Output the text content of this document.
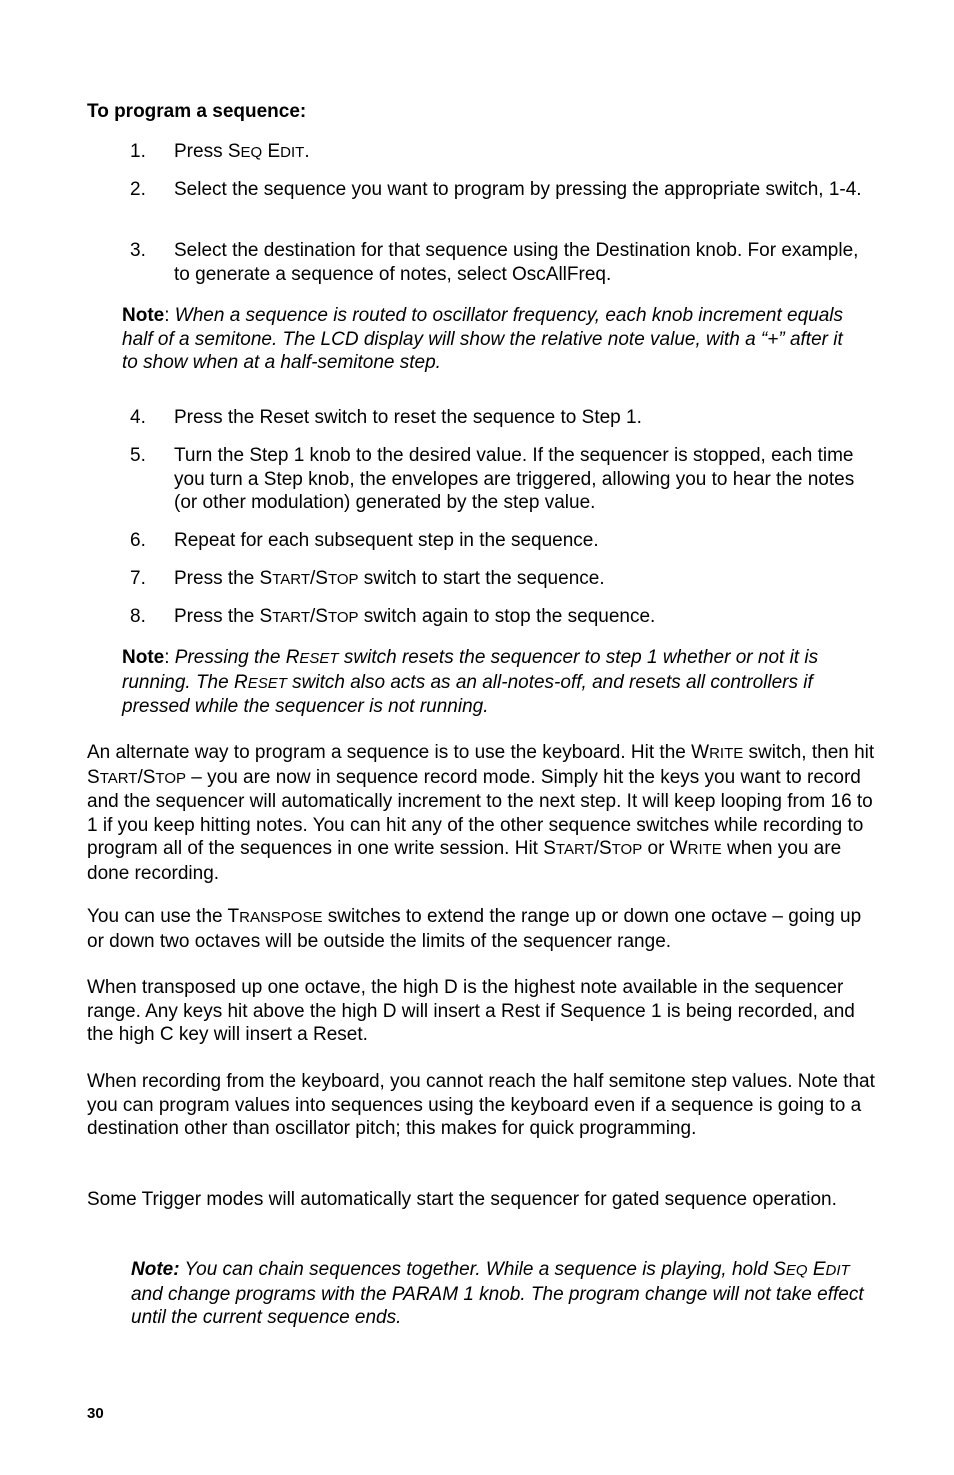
To program a sequence:
1. Press SEQ EDIT.
2. Select the sequence you want to program by pressing the appropriate switch, 1-4.
3. Select the destination for that sequence using the Destination knob. For example, to generate a sequence of notes, select OscAllFreq.
Note: When a sequence is routed to oscillator frequency, each knob increment equals half of a semitone. The LCD display will show the relative note value, with a “+” after it to show when at a half-semitone step.
4. Press the Reset switch to reset the sequence to Step 1.
5. Turn the Step 1 knob to the desired value. If the sequencer is stopped, each time you turn a Step knob, the envelopes are triggered, allowing you to hear the notes (or other modulation) generated by the step value.
6. Repeat for each subsequent step in the sequence.
7. Press the START/STOP switch to start the sequence.
8. Press the START/STOP switch again to stop the sequence.
Note: Pressing the RESET switch resets the sequencer to step 1 whether or not it is running. The RESET switch also acts as an all-notes-off, and resets all controllers if pressed while the sequencer is not running.
An alternate way to program a sequence is to use the keyboard. Hit the WRITE switch, then hit START/STOP – you are now in sequence record mode. Simply hit the keys you want to record and the sequencer will automatically increment to the next step. It will keep looping from 16 to 1 if you keep hitting notes. You can hit any of the other sequence switches while recording to program all of the sequences in one write session. Hit START/STOP or WRITE when you are done recording.
You can use the TRANSPOSE switches to extend the range up or down one octave – going up or down two octaves will be outside the limits of the sequencer range.
When transposed up one octave, the high D is the highest note available in the sequencer range. Any keys hit above the high D will insert a Rest if Sequence 1 is being recorded, and the high C key will insert a Reset.
When recording from the keyboard, you cannot reach the half semitone step values. Note that you can program values into sequences using the keyboard even if a sequence is going to a destination other than oscillator pitch; this makes for quick programming.
Some Trigger modes will automatically start the sequencer for gated sequence operation.
Note: You can chain sequences together. While a sequence is playing, hold SEQ EDIT and change programs with the PARAM 1 knob. The program change will not take effect until the current sequence ends.
30
